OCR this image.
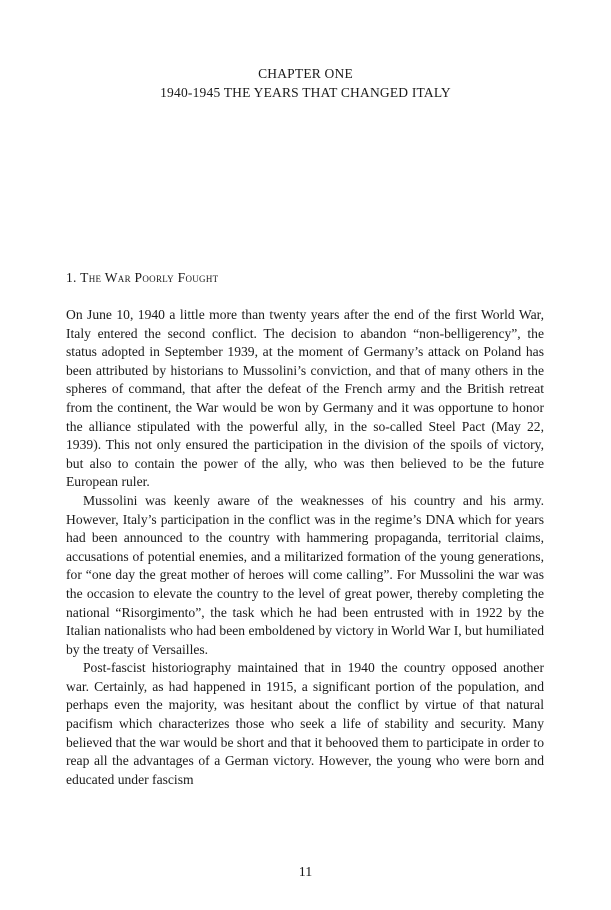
CHAPTER ONE
1940-1945 THE YEARS THAT CHANGED ITALY
1. The War Poorly Fought

On June 10, 1940 a little more than twenty years after the end of the first World War, Italy entered the second conflict. The decision to abandon “non-belligerency”, the status adopted in September 1939, at the moment of Germany’s attack on Poland has been attributed by historians to Mussolini’s conviction, and that of many others in the spheres of command, that after the defeat of the French army and the British retreat from the continent, the War would be won by Germany and it was opportune to honor the alliance stipulated with the powerful ally, in the so-called Steel Pact (May 22, 1939). This not only ensured the participation in the division of the spoils of victory, but also to contain the power of the ally, who was then believed to be the future European ruler.

Mussolini was keenly aware of the weaknesses of his country and his army. However, Italy’s participation in the conflict was in the regime’s DNA which for years had been announced to the country with hammering propaganda, territorial claims, accusations of potential enemies, and a militarized formation of the young generations, for “one day the great mother of heroes will come calling”. For Mussolini the war was the occasion to elevate the country to the level of great power, thereby completing the national “Risorgimento”, the task which he had been entrusted with in 1922 by the Italian nationalists who had been emboldened by victory in World War I, but humiliated by the treaty of Versailles.

Post-fascist historiography maintained that in 1940 the country opposed another war. Certainly, as had happened in 1915, a significant portion of the population, and perhaps even the majority, was hesitant about the conflict by virtue of that natural pacifism which characterizes those who seek a life of stability and security. Many believed that the war would be short and that it behooved them to participate in order to reap all the advantages of a German victory. However, the young who were born and educated under fascism

11
